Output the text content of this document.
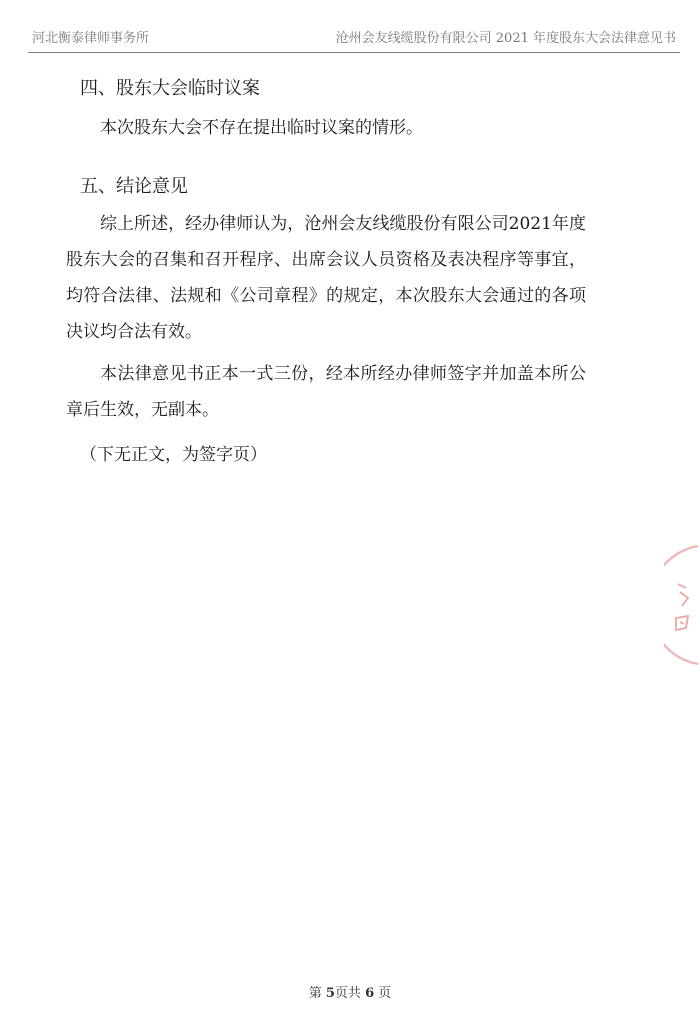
河北衡泰律师事务所	沧州会友线缆股份有限公司 2021 年度股东大会法律意见书
四、股东大会临时议案

本次股东大会不存在提出临时议案的情形。

五、结论意见

综上所述，经办律师认为，沧州会友线缆股份有限公司2021年度股东大会的召集和召开程序、出席会议人员资格及表决程序等事宜，均符合法律、法规和《公司章程》的规定，本次股东大会通过的各项决议均合法有效。

本法律意见书正本一式三份，经本所经办律师签字并加盖本所公章后生效，无副本。

（下无正文，为签字页）

第 5页共 6 页
